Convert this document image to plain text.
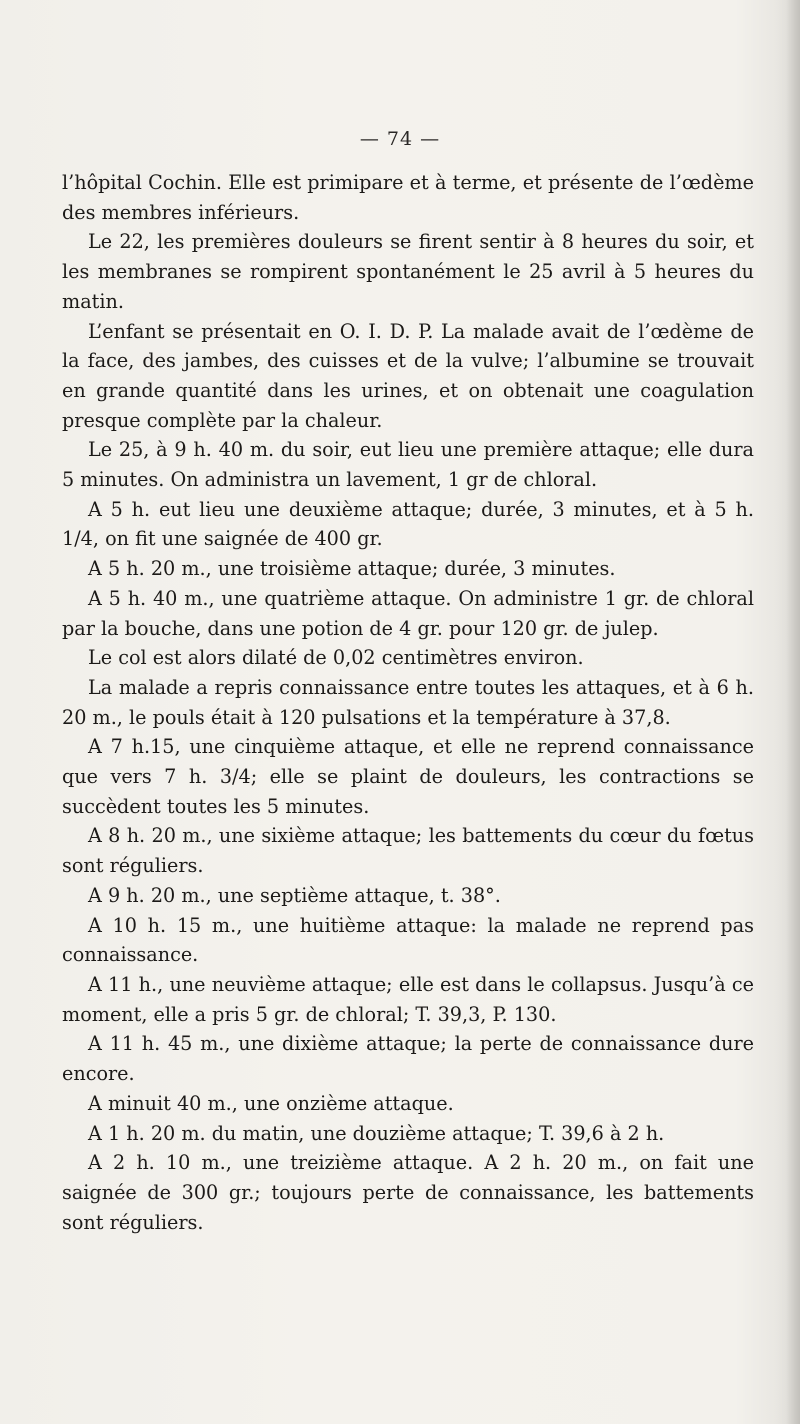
— 74 —

l’hôpital Cochin. Elle est primipare et à terme, et présente de l’œdème des membres inférieurs.

Le 22, les premières douleurs se firent sentir à 8 heures du soir, et les membranes se rompirent spontanément le 25 avril à 5 heures du matin.

L’enfant se présentait en O. I. D. P. La malade avait de l’œdème de la face, des jambes, des cuisses et de la vulve; l’albumine se trouvait en grande quantité dans les urines, et on obtenait une coagulation presque complète par la chaleur.

Le 25, à 9 h. 40 m. du soir, eut lieu une première attaque; elle dura 5 minutes. On administra un lavement, 1 gr de chloral.

A 5 h. eut lieu une deuxième attaque; durée, 3 minutes, et à 5 h. 1/4, on fit une saignée de 400 gr.

A 5 h. 20 m., une troisième attaque; durée, 3 minutes.

A 5 h. 40 m., une quatrième attaque. On administre 1 gr. de chloral par la bouche, dans une potion de 4 gr. pour 120 gr. de julep.

Le col est alors dilaté de 0,02 centimètres environ.

La malade a repris connaissance entre toutes les attaques, et à 6 h. 20 m., le pouls était à 120 pulsations et la température à 37,8.

A 7 h.15, une cinquième attaque, et elle ne reprend connaissance que vers 7 h. 3/4; elle se plaint de douleurs, les contractions se succèdent toutes les 5 minutes.

A 8 h. 20 m., une sixième attaque; les battements du cœur du fœtus sont réguliers.

A 9 h. 20 m., une septième attaque, t. 38°.

A 10 h. 15 m., une huitième attaque: la malade ne reprend pas connaissance.

A 11 h., une neuvième attaque; elle est dans le collapsus. Jusqu’à ce moment, elle a pris 5 gr. de chloral; T. 39,3, P. 130.

A 11 h. 45 m., une dixième attaque; la perte de connaissance dure encore.

A minuit 40 m., une onzième attaque.

A 1 h. 20 m. du matin, une douzième attaque; T. 39,6 à 2 h.

A 2 h. 10 m., une treizième attaque. A 2 h. 20 m., on fait une saignée de 300 gr.; toujours perte de connaissance, les battements sont réguliers.
